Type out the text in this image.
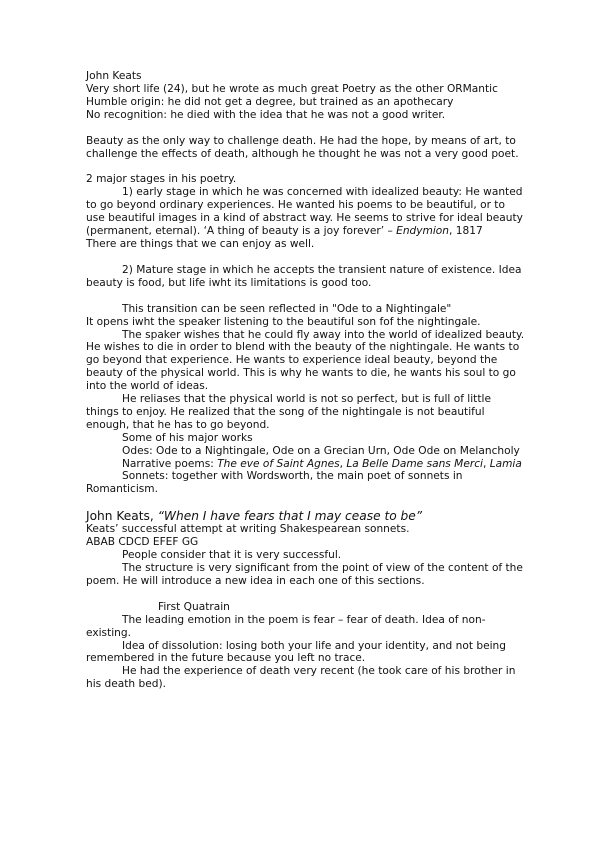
John Keats

Very short life (24), but he wrote as much great Poetry as the other ORMantic

Humble origin: he did not get a degree, but trained as an apothecary

No recognition: he died with the idea that he was not a good writer.

Beauty as the only way to challenge death. He had the hope, by means of art, to challenge the effects of death, although he thought he was not a very good poet.

2 major stages in his poetry.

1) early stage in which he was concerned with idealized beauty: He wanted to go beyond ordinary experiences. He wanted his poems to be beautiful, or to use beautiful images in a kind of abstract way. He seems to strive for ideal beauty (permanent, eternal). ‘A thing of beauty is a joy forever’ – Endymion, 1817

There are things that we can enjoy as well.

2) Mature stage in which he accepts the transient nature of existence. Idea beauty is food, but life iwht its limitations is good too.

This transition can be seen reflected in "Ode to a Nightingale"

It opens iwht the speaker listening to the beautiful son fof the nightingale.

The spaker wishes that he could fly away into the world of idealized beauty. He wishes to die in order to blend with the beauty of the nightingale. He wants to go beyond that experience. He wants to experience ideal beauty, beyond the beauty of the physical world. This is why he wants to die, he wants his soul to go into the world of ideas.

He reliases that the physical world is not so perfect, but is full of little things to enjoy. He realized that the song of the nightingale is not beautiful enough, that he has to go beyond.

Some of his major works

Odes: Ode to a Nightingale, Ode on a Grecian Urn, Ode Ode on Melancholy

Narrative poems: The eve of Saint Agnes, La Belle Dame sans Merci, Lamia

Sonnets: together with Wordsworth, the main poet of sonnets in Romanticism.

John Keats, “When I have fears that I may cease to be”

Keats’ successful attempt at writing Shakespearean sonnets.

ABAB CDCD EFEF GG

People consider that it is very successful.

The structure is very significant from the point of view of the content of the poem. He will introduce a new idea in each one of this sections.

First Quatrain

The leading emotion in the poem is fear – fear of death. Idea of non-existing.

Idea of dissolution: losing both your life and your identity, and not being remembered in the future because you left no trace.

He had the experience of death very recent (he took care of his brother in his death bed).
